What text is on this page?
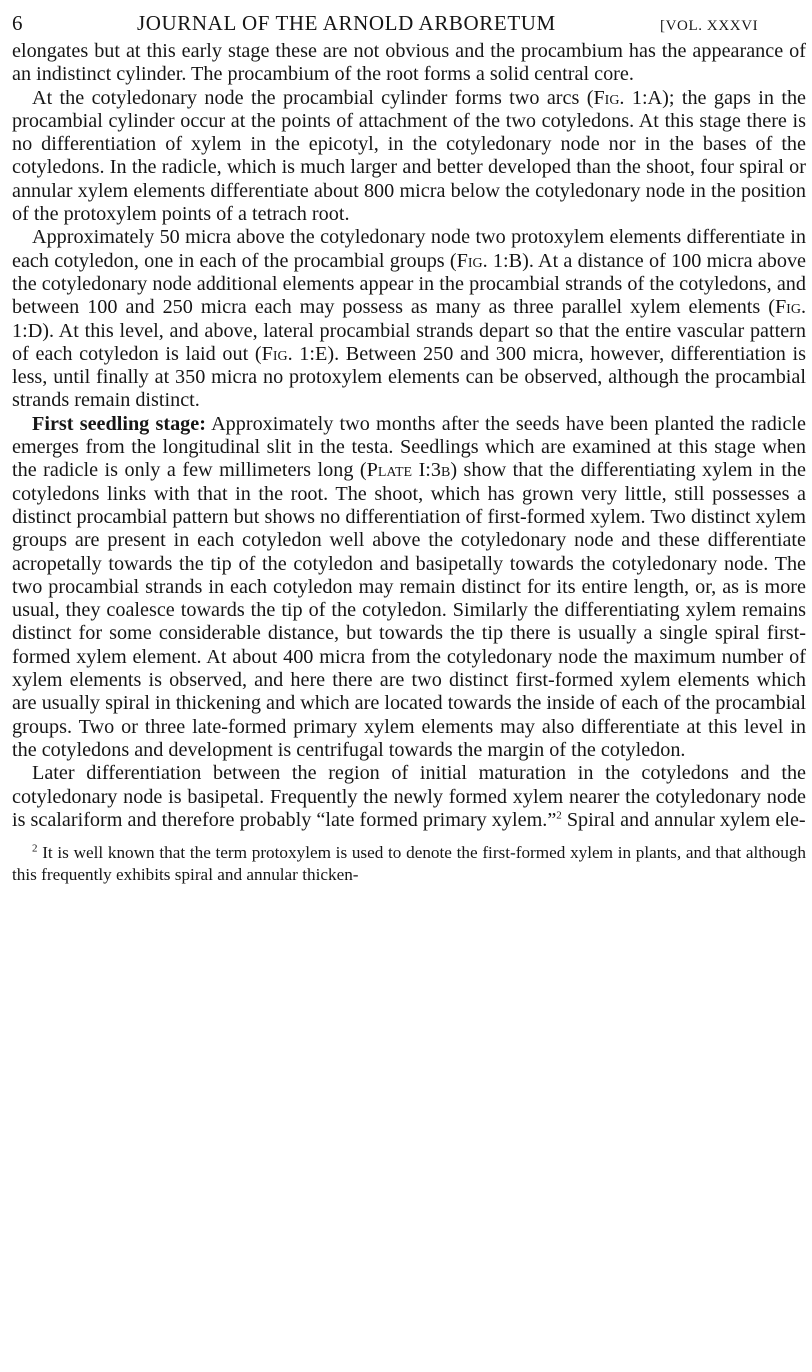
6	JOURNAL OF THE ARNOLD ARBORETUM	[VOL. XXXVI

elongates but at this early stage these are not obvious and the procambium has the appearance of an indistinct cylinder. The procambium of the root forms a solid central core.

At the cotyledonary node the procambial cylinder forms two arcs (Fig. 1:A); the gaps in the procambial cylinder occur at the points of attachment of the two cotyledons. At this stage there is no differentiation of xylem in the epicotyl, in the cotyledonary node nor in the bases of the cotyledons. In the radicle, which is much larger and better developed than the shoot, four spiral or annular xylem elements differentiate about 800 micra below the cotyledonary node in the position of the protoxylem points of a tetrach root.

Approximately 50 micra above the cotyledonary node two protoxylem elements differentiate in each cotyledon, one in each of the procambial groups (Fig. 1:B). At a distance of 100 micra above the cotyledonary node additional elements appear in the procambial strands of the cotyledons, and between 100 and 250 micra each may possess as many as three parallel xylem elements (Fig. 1:D). At this level, and above, lateral procambial strands depart so that the entire vascular pattern of each cotyledon is laid out (Fig. 1:E). Between 250 and 300 micra, however, differentiation is less, until finally at 350 micra no protoxylem elements can be observed, although the procambial strands remain distinct.

First seedling stage: Approximately two months after the seeds have been planted the radicle emerges from the longitudinal slit in the testa. Seedlings which are examined at this stage when the radicle is only a few millimeters long (Plate I:3b) show that the differentiating xylem in the cotyledons links with that in the root. The shoot, which has grown very little, still possesses a distinct procambial pattern but shows no differentiation of first-formed xylem. Two distinct xylem groups are present in each cotyledon well above the cotyledonary node and these differentiate acropetally towards the tip of the cotyledon and basipetally towards the cotyledonary node. The two procambial strands in each cotyledon may remain distinct for its entire length, or, as is more usual, they coalesce towards the tip of the cotyledon. Similarly the differentiating xylem remains distinct for some considerable distance, but towards the tip there is usually a single spiral first-formed xylem element. At about 400 micra from the cotyledonary node the maximum number of xylem elements is observed, and here there are two distinct first-formed xylem elements which are usually spiral in thickening and which are located towards the inside of each of the procambial groups. Two or three late-formed primary xylem elements may also differentiate at this level in the cotyledons and development is centrifugal towards the margin of the cotyledon.

Later differentiation between the region of initial maturation in the cotyledons and the cotyledonary node is basipetal. Frequently the newly formed xylem nearer the cotyledonary node is scalariform and therefore probably “late formed primary xylem.”$^2$ Spiral and annular xylem ele-

$^2$ It is well known that the term protoxylem is used to denote the first-formed xylem in plants, and that although this frequently exhibits spiral and annular thicken-
